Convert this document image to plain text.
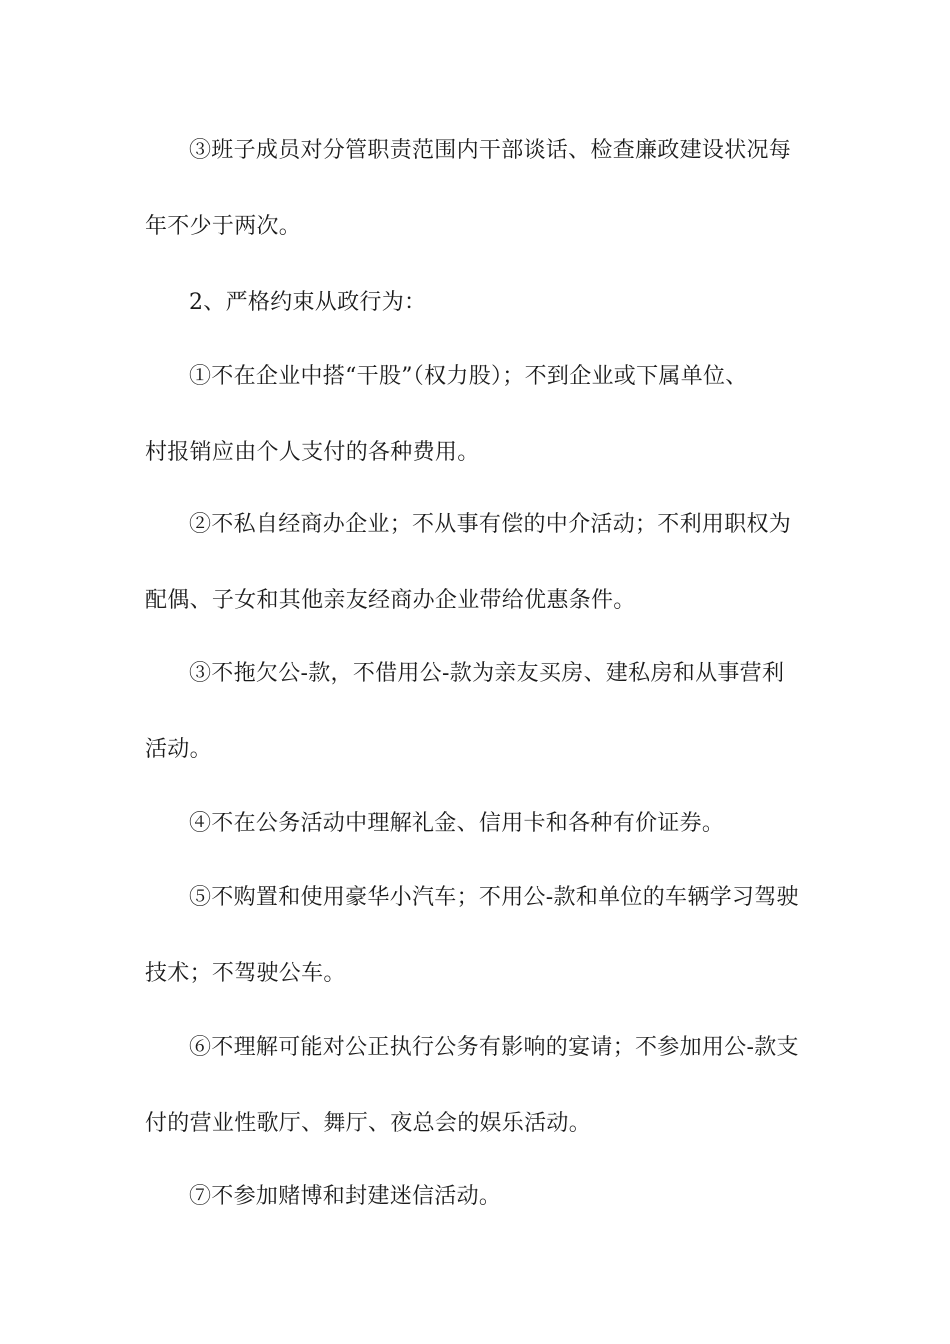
③班子成员对分管职责范围内干部谈话、检查廉政建设状况每
年不少于两次。
2、严格约束从政行为：
①不在企业中搭“干股”（权力股）；不到企业或下属单位、
村报销应由个人支付的各种费用。
②不私自经商办企业；不从事有偿的中介活动；不利用职权为
配偶、子女和其他亲友经商办企业带给优惠条件。
③不拖欠公-款，不借用公-款为亲友买房、建私房和从事营利
活动。
④不在公务活动中理解礼金、信用卡和各种有价证券。
⑤不购置和使用豪华小汽车；不用公-款和单位的车辆学习驾驶
技术；不驾驶公车。
⑥不理解可能对公正执行公务有影响的宴请；不参加用公-款支
付的营业性歌厅、舞厅、夜总会的娱乐活动。
⑦不参加赌博和封建迷信活动。
